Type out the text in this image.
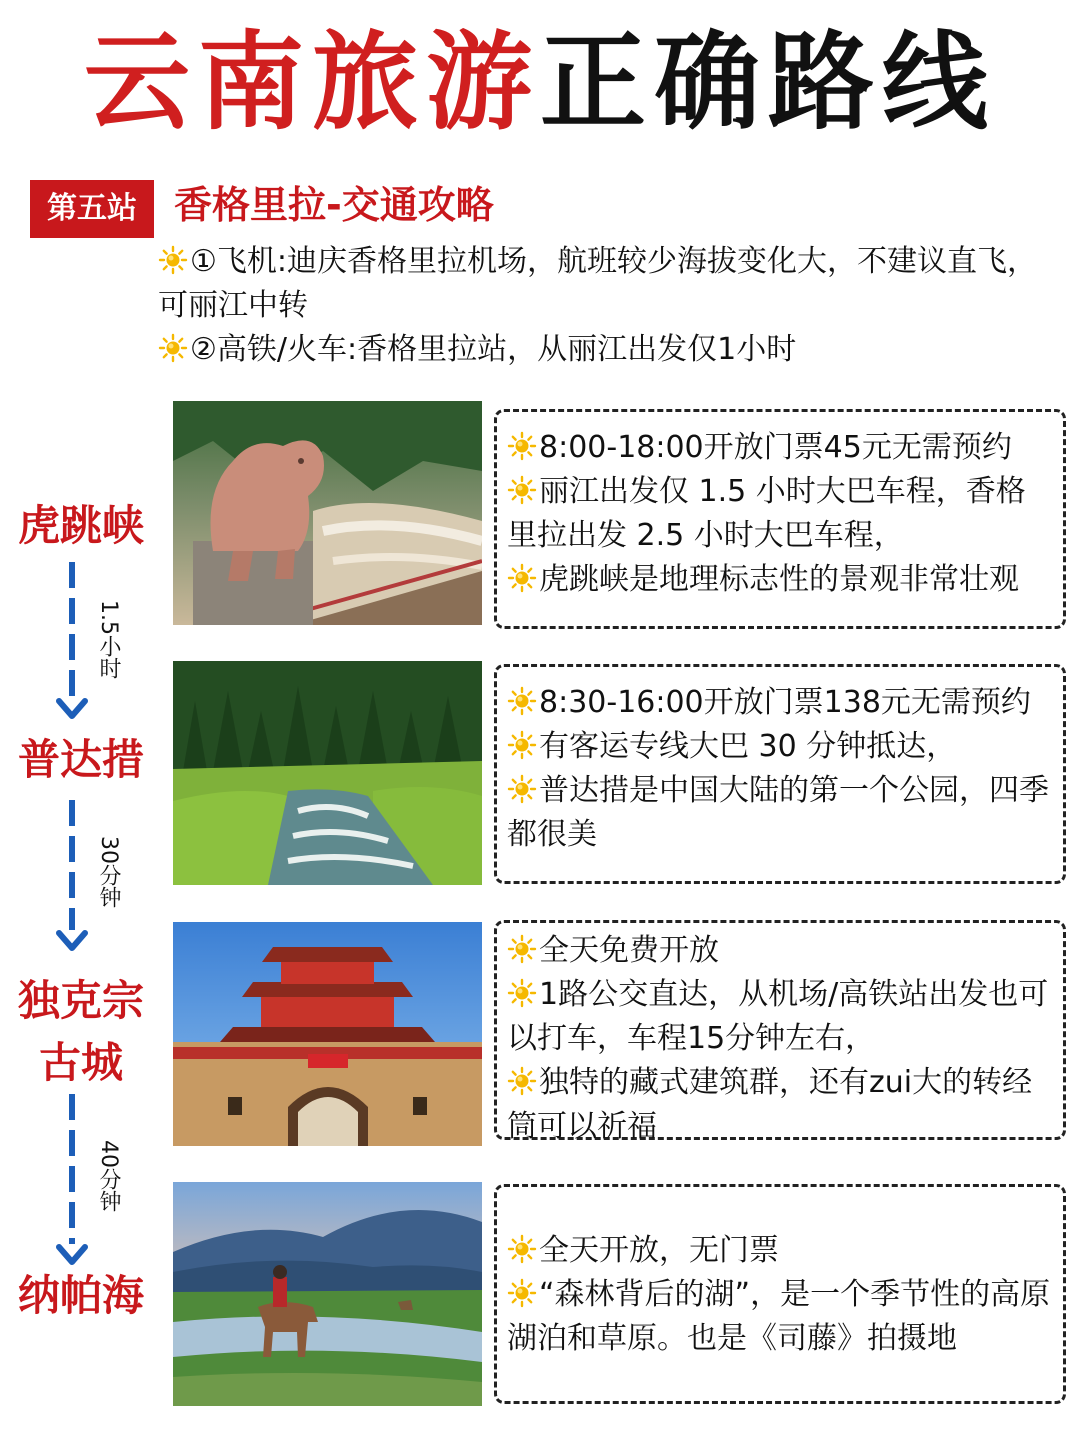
云南旅游正确路线
第五站 香格里拉-交通攻略

①飞机:迪庆香格里拉机场，航班较少海拔变化大，不建议直飞，可丽江中转

②高铁/火车:香格里拉站，从丽江出发仅1小时

8:00-18:00开放门票45元无需预约

丽江出发仅 1.5 小时大巴车程，香格里拉出发 2.5 小时大巴车程，

虎跳峡是地理标志性的景观非常壮观

8:30-16:00开放门票138元无需预约

有客运专线大巴 30 分钟抵达，

普达措是中国大陆的第一个公园，四季都很美

全天免费开放

1路公交直达，从机场/高铁站出发也可以打车，车程15分钟左右，

独特的藏式建筑群，还有zui大的转经筒可以祈福

全天开放，无门票

“森林背后的湖”，是一个季节性的高原湖泊和草原。也是《司藤》拍摄地

虎跳峡
普达措
独克宗古城
纳帕海
1.5小时
30分钟
40分钟
